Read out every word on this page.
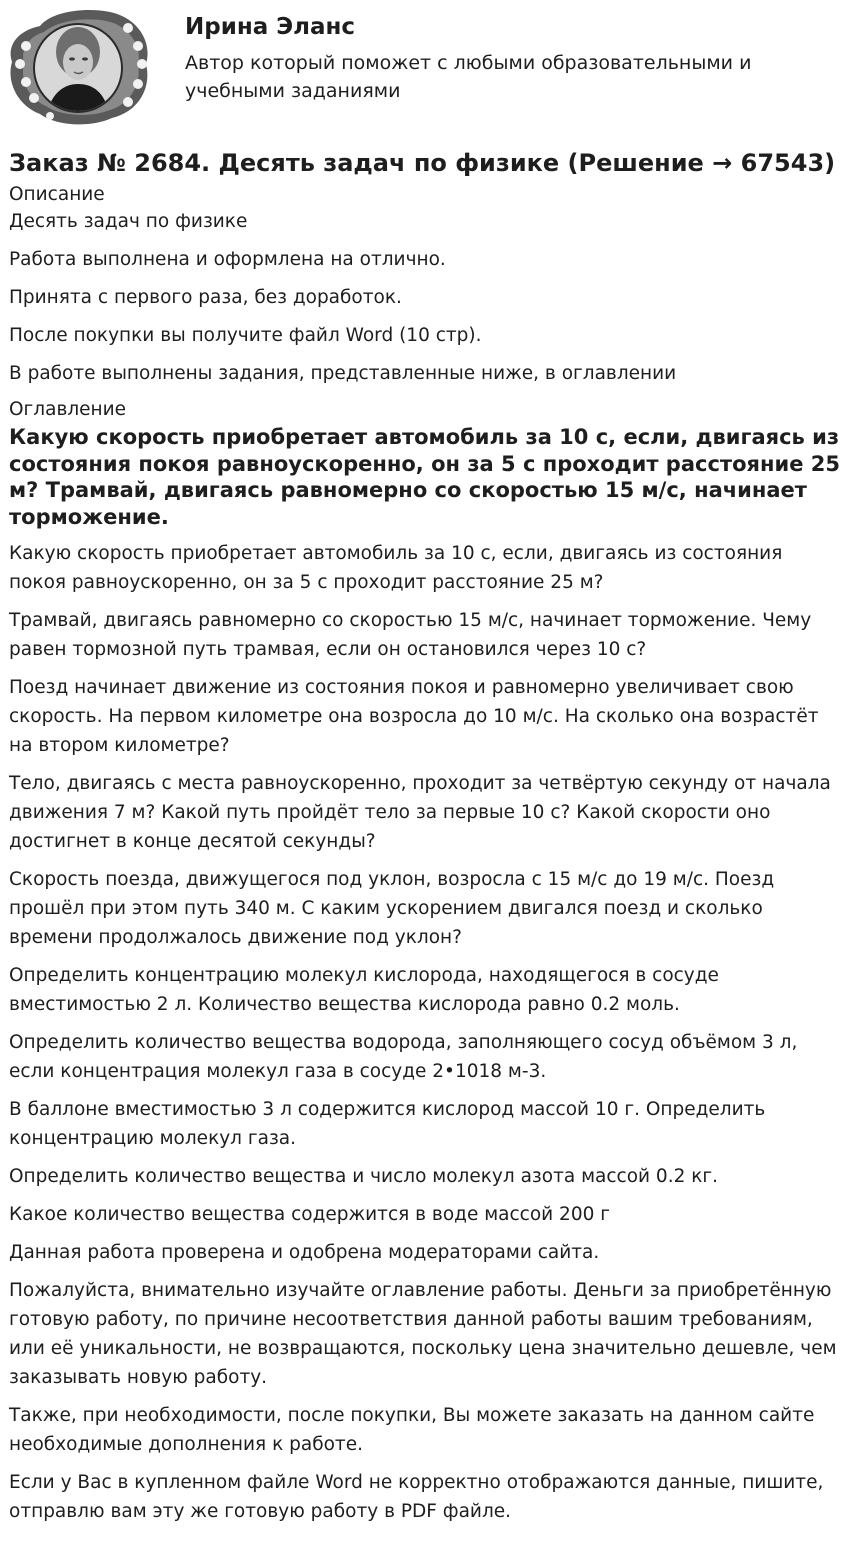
Ирина Эланс
Автор который поможет с любыми образовательными и учебными заданиями
Заказ № 2684. Десять задач по физике (Решение → 67543)
Описание

Десять задач по физике

Работа выполнена и оформлена на отлично.

Принята с первого раза, без доработок.

После покупки вы получите файл Word (10 стр).

В работе выполнены задания, представленные ниже, в оглавлении

Оглавление
Какую скорость приобретает автомобиль за 10 с, если, двигаясь из состояния покоя равноускоренно, он за 5 с проходит расстояние 25 м? Трамвай, двигаясь равномерно со скоростью 15 м/с, начинает торможение.

Какую скорость приобретает автомобиль за 10 с, если, двигаясь из состояния покоя равноускоренно, он за 5 с проходит расстояние 25 м?

Трамвай, двигаясь равномерно со скоростью 15 м/с, начинает торможение. Чему равен тормозной путь трамвая, если он остановился через 10 с?

Поезд начинает движение из состояния покоя и равномерно увеличивает свою скорость. На первом километре она возросла до 10 м/с. На сколько она возрастёт на втором километре?

Тело, двигаясь с места равноускоренно, проходит за четвёртую секунду от начала движения 7 м? Какой путь пройдёт тело за первые 10 с? Какой скорости оно достигнет в конце десятой секунды?

Скорость поезда, движущегося под уклон, возросла с 15 м/с до 19 м/с. Поезд прошёл при этом путь 340 м. С каким ускорением двигался поезд и сколько времени продолжалось движение под уклон?

Определить концентрацию молекул кислорода, находящегося в сосуде вместимостью 2 л. Количество вещества кислорода равно 0.2 моль.

Определить количество вещества водорода, заполняющего сосуд объёмом 3 л, если концентрация молекул газа в сосуде 2•1018 м-3.

В баллоне вместимостью 3 л содержится кислород массой 10 г. Определить концентрацию молекул газа.

Определить количество вещества и число молекул азота массой 0.2 кг.

Какое количество вещества содержится в воде массой 200 г

Данная работа проверена и одобрена модераторами сайта.

Пожалуйста, внимательно изучайте оглавление работы. Деньги за приобретённую готовую работу, по причине несоответствия данной работы вашим требованиям, или её уникальности, не возвращаются, поскольку цена значительно дешевле, чем заказывать новую работу.

Также, при необходимости, после покупки, Вы можете заказать на данном сайте необходимые дополнения к работе.

Если у Вас в купленном файле Word не корректно отображаются данные, пишите, отправлю вам эту же готовую работу в PDF файле.
